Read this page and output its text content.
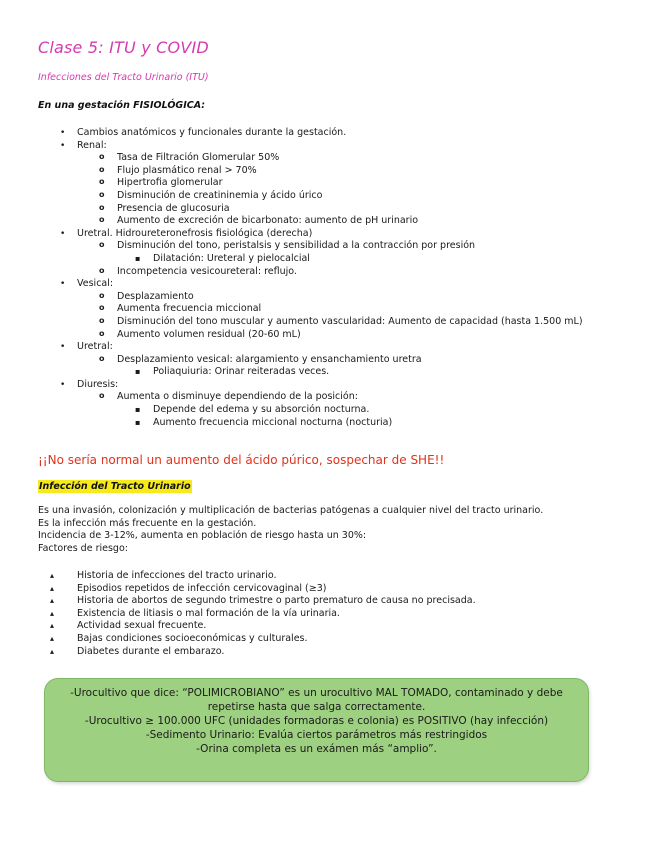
Clase 5: ITU y COVID
Infecciones del Tracto Urinario (ITU)
En una gestación FISIOLÓGICA:
• Cambios anatómicos y funcionales durante la gestación.
• Renal:
o Tasa de Filtración Glomerular 50%
o Flujo plasmático renal > 70%
o Hipertrofia glomerular
o Disminución de creatininemia y ácido úrico
o Presencia de glucosuria
o Aumento de excreción de bicarbonato: aumento de pH urinario
• Uretral. Hidroureteronefrosis fisiológica (derecha)
o Disminución del tono, peristalsis y sensibilidad a la contracción por presión
▪ Dilatación: Ureteral y pielocalcial
o Incompetencia vesicoureteral: reflujo.
• Vesical:
o Desplazamiento
o Aumenta frecuencia miccional
o Disminución del tono muscular y aumento vascularidad: Aumento de capacidad (hasta 1.500 mL)
o Aumento volumen residual (20-60 mL)
• Uretral:
o Desplazamiento vesical: alargamiento y ensanchamiento uretra
▪ Poliaquiuria: Orinar reiteradas veces.
• Diuresis:
o Aumenta o disminuye dependiendo de la posición:
▪ Depende del edema y su absorción nocturna.
▪ Aumento frecuencia miccional nocturna (nocturia)

¡¡No sería normal un aumento del ácido púrico, sospechar de SHE!!

Infección del Tracto Urinario

Es una invasión, colonización y multiplicación de bacterias patógenas a cualquier nivel del tracto urinario.

Es la infección más frecuente en la gestación.

Incidencia de 3-12%, aumenta en población de riesgo hasta un 30%:

Factores de riesgo:

▴ Historia de infecciones del tracto urinario.
▴ Episodios repetidos de infección cervicovaginal (≥3)
▴ Historia de abortos de segundo trimestre o parto prematuro de causa no precisada.
▴ Existencia de litiasis o mal formación de la vía urinaria.
▴ Actividad sexual frecuente.
▴ Bajas condiciones socioeconómicas y culturales.
▴ Diabetes durante el embarazo.

-Urocultivo que dice: “POLIMICROBIANO” es un urocultivo MAL TOMADO, contaminado y debe repetirse hasta que salga correctamente.

-Urocultivo ≥ 100.000 UFC (unidades formadoras e colonia) es POSITIVO (hay infección)

-Sedimento Urinario: Evalúa ciertos parámetros más restringidos

-Orina completa es un exámen más “amplio”.
